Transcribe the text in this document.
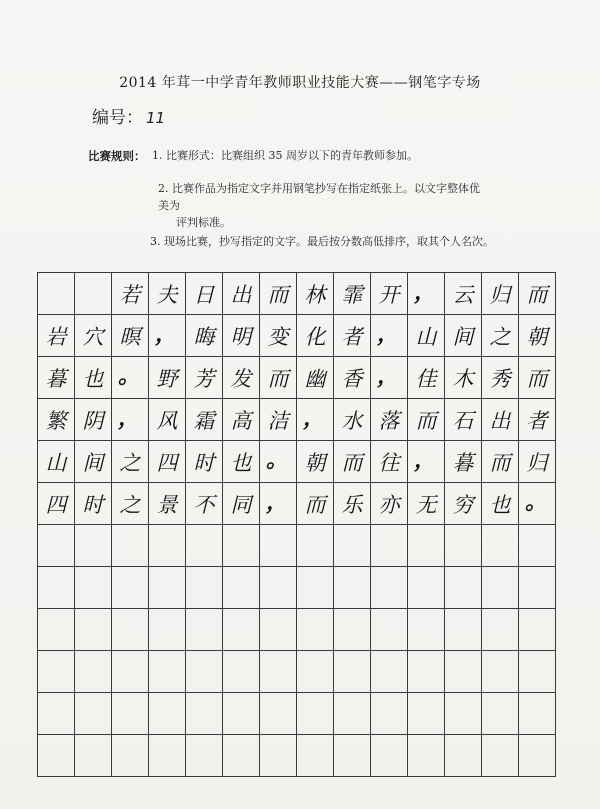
2014 年茸一中学青年教师职业技能大赛——钢笔字专场
编号： 11
比赛规则： 1. 比赛形式：比赛组织 35 周岁以下的青年教师参加。
2. 比赛作品为指定文字并用钢笔抄写在指定纸张上。以文字整体优美为
评判标准。
3. 现场比赛，抄写指定的文字。最后按分数高低排序，取其个人名次。
若 夫 日 出 而 林 霏 开 ， 云 归 而
岩 穴 暝 ， 晦 明 变 化 者 ， 山 间 之 朝
暮 也 。 野 芳 发 而 幽 香 ， 佳 木 秀 而
繁 阴 ， 风 霜 高 洁 ， 水 落 而 石 出 者
山 间 之 四 时 也 。 朝 而 往 ， 暮 而 归
四 时 之 景 不 同 ， 而 乐 亦 无 穷 也 。
